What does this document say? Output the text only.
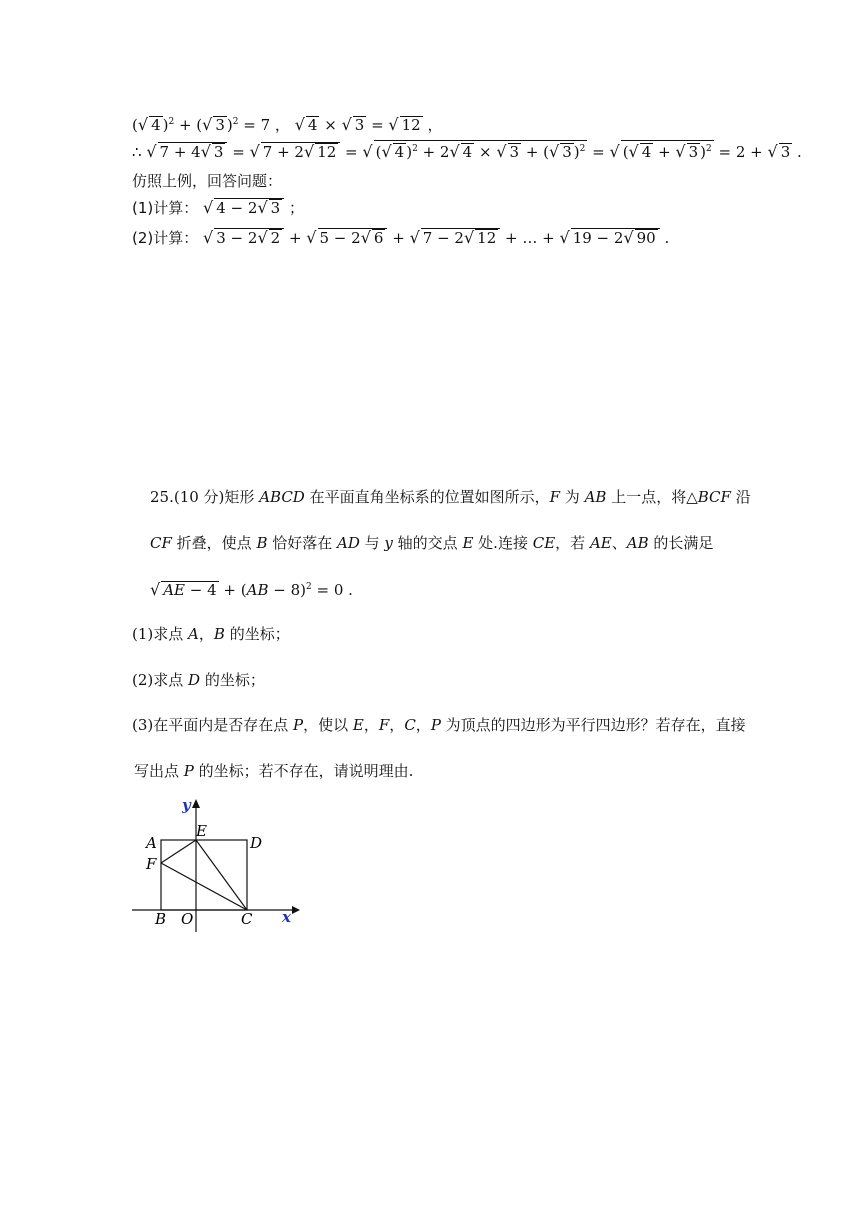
(√ 4 )$^2$ + (√ 3 )$^2$ = 7 ， √ 4 × √ 3 = √ 12 ，
∴ √ 7 + 4√ 3 = √ 7 + 2√ 12 = √ (√ 4 )$^2$ + 2√ 4 × √ 3 + (√ 3 )$^2$ = √ (√ 4 + √ 3 )$^2$ = 2 + √ 3 .
仿照上例，回答问题：
(1)计算： √ 4 − 2√ 3 ；
(2)计算： √ 3 − 2√ 2 + √ 5 − 2√ 6 + √ 7 − 2√ 12 + … + √ 19 − 2√ 90 .
25.(10 分)矩形 ABCD 在平面直角坐标系的位置如图所示，F 为 AB 上一点，将△BCF 沿
CF 折叠，使点 B 恰好落在 AD 与 y 轴的交点 E 处.连接 CE，若 AE、AB 的长满足
√ AE − 4 + (AB − 8)$^2$ = 0 .
(1)求点 A，B 的坐标；
(2)求点 D 的坐标；
(3)在平面内是否存在点 P，使以 E，F，C，P 为顶点的四边形为平行四边形？若存在，直接
写出点 P 的坐标；若不存在，请说明理由.
y
x
A
E
D
F
B O	C
